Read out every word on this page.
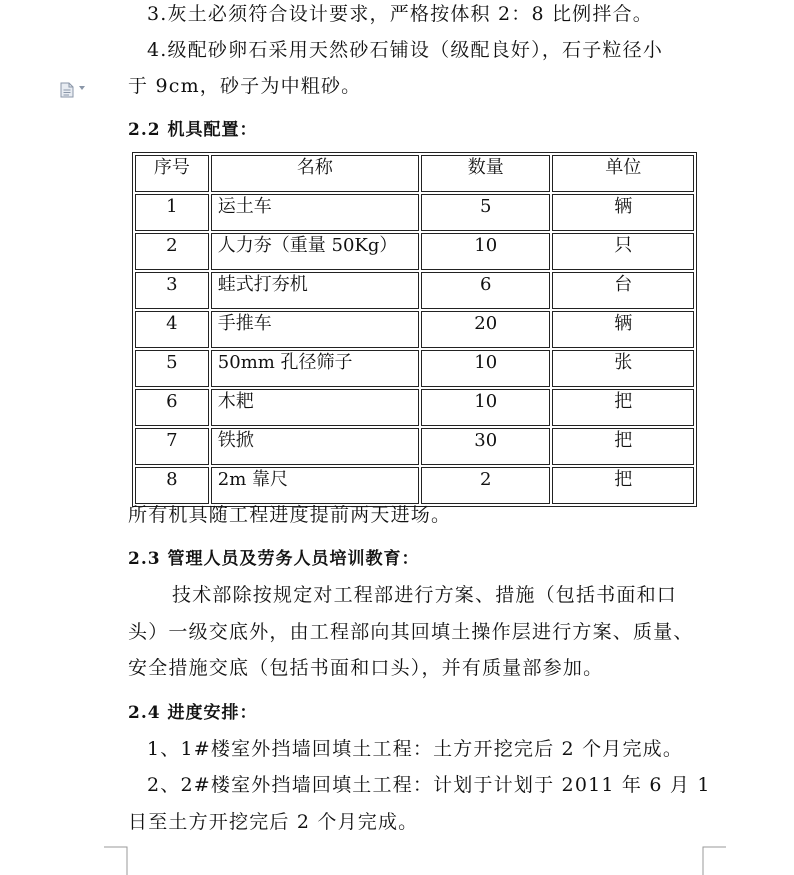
3.灰土必须符合设计要求，严格按体积 2：8 比例拌合。
4.级配砂卵石采用天然砂石铺设（级配良好），石子粒径小
于 9cm，砂子为中粗砂。
2.2 机具配置：
序号	名称	数量	单位
1	运土车	5	辆
2	人力夯（重量 50Kg）	10	只
3	蛙式打夯机	6	台
4	手推车	20	辆
5	50mm 孔径筛子	10	张
6	木耙	10	把
7	铁掀	30	把
8	2m 靠尺	2	把
所有机具随工程进度提前两天进场。
2.3 管理人员及劳务人员培训教育：
技术部除按规定对工程部进行方案、措施（包括书面和口
头）一级交底外，由工程部向其回填土操作层进行方案、质量、
安全措施交底（包括书面和口头），并有质量部参加。
2.4 进度安排：
1、1#楼室外挡墙回填土工程：土方开挖完后 2 个月完成。
2、2#楼室外挡墙回填土工程：计划于计划于 2011 年 6 月 1
日至土方开挖完后 2 个月完成。
